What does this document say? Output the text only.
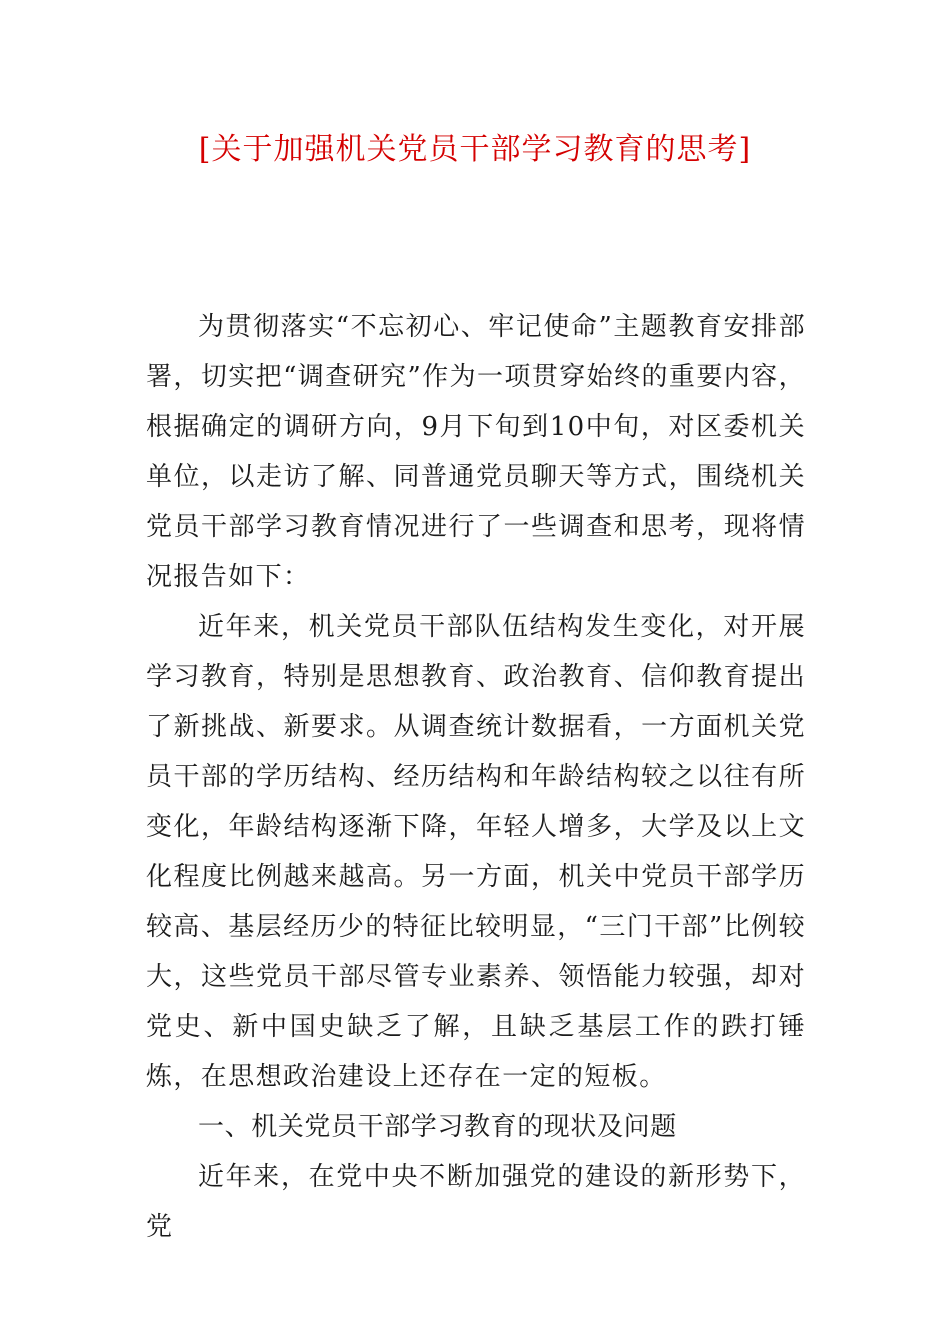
[关于加强机关党员干部学习教育的思考]

为贯彻落实“不忘初心、牢记使命”主题教育安排部署，切实把“调查研究”作为一项贯穿始终的重要内容，根据确定的调研方向，9月下旬到10中旬，对区委机关单位，以走访了解、同普通党员聊天等方式，围绕机关党员干部学习教育情况进行了一些调查和思考，现将情况报告如下：

近年来，机关党员干部队伍结构发生变化，对开展学习教育，特别是思想教育、政治教育、信仰教育提出了新挑战、新要求。从调查统计数据看，一方面机关党员干部的学历结构、经历结构和年龄结构较之以往有所变化，年龄结构逐渐下降，年轻人增多，大学及以上文化程度比例越来越高。另一方面，机关中党员干部学历较高、基层经历少的特征比较明显，“三门干部”比例较大，这些党员干部尽管专业素养、领悟能力较强，却对党史、新中国史缺乏了解，且缺乏基层工作的跌打锤炼，在思想政治建设上还存在一定的短板。

一、机关党员干部学习教育的现状及问题

近年来，在党中央不断加强党的建设的新形势下，党
